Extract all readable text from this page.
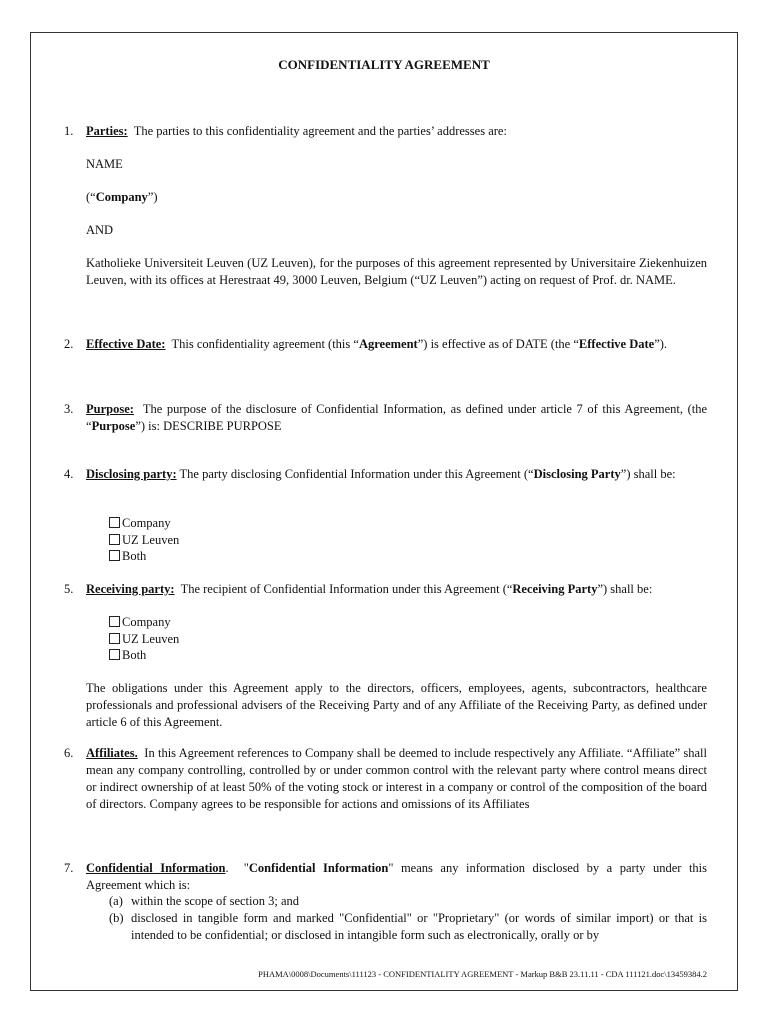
CONFIDENTIALITY AGREEMENT
1.	Parties: The parties to this confidentiality agreement and the parties’ addresses are:
NAME
(“Company”)
AND
Katholieke Universiteit Leuven (UZ Leuven), for the purposes of this agreement represented by Universitaire Ziekenhuizen Leuven, with its offices at Herestraat 49, 3000 Leuven, Belgium (“UZ Leuven”) acting on request of Prof. dr. NAME.
2.	Effective Date: This confidentiality agreement (this “Agreement”) is effective as of DATE (the “Effective Date”).
3.	Purpose: The purpose of the disclosure of Confidential Information, as defined under article 7 of this Agreement, (the “Purpose”) is: DESCRIBE PURPOSE
4.	Disclosing party: The party disclosing Confidential Information under this Agreement (“Disclosing Party”) shall be:
Company
UZ Leuven
Both
5.	Receiving party: The recipient of Confidential Information under this Agreement (“Receiving Party”) shall be:
Company
UZ Leuven
Both
The obligations under this Agreement apply to the directors, officers, employees, agents, subcontractors, healthcare professionals and professional advisers of the Receiving Party and of any Affiliate of the Receiving Party, as defined under article 6 of this Agreement.
6.	Affiliates. In this Agreement references to Company shall be deemed to include respectively any Affiliate. “Affiliate” shall mean any company controlling, controlled by or under common control with the relevant party where control means direct or indirect ownership of at least 50% of the voting stock or interest in a company or control of the composition of the board of directors. Company agrees to be responsible for actions and omissions of its Affiliates
7.	Confidential Information. "Confidential Information" means any information disclosed by a party under this Agreement which is:
(a) within the scope of section 3; and
(b) disclosed in tangible form and marked "Confidential" or "Proprietary" (or words of similar import) or that is intended to be confidential; or disclosed in intangible form such as electronically, orally or by
PHAMA\0008\Documents\111123 - CONFIDENTIALITY AGREEMENT - Markup B&B 23.11.11 - CDA 111121.doc\13459384.2
